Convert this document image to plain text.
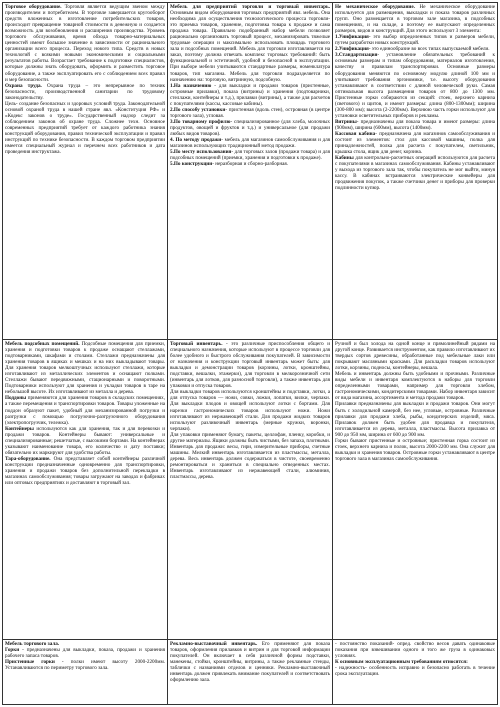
Торговое оборудование. Торговля является ведущим звеном между производителем и потребителем. В торговле завершается кругооборот средств вложенных в изготовление потребительских товаров, происходит превращение товарной стоимости в денежную и создается возможность для возобновления и расширения производства. Уровень торгового обслуживания, время обхода товарно-материальных ценностей имеют большое значение в зависимости от рационального организации всего процесса. Переход нового типа. Средств в новых технологий с всякими новыми экономическими и социальными результатов работы. Возрастает требование к подготовке специалистов, которые должны знать оборудовать, оформить и разместить торговое оборудование, а также эксплуатировать его с соблюдением всех правил и мер безопасности.

Охрана труда. Охрана труда – это непрерывное по техник безопасности, производственной санитарии по трудовому законодательству.

Цель- создание безопасных и здоровых условий труда. Законодательной основой охраной труда в нашей стране явл. «Конституция РФ» и «Кодекс законов о труде». Государственный надзор следит за соблюдением законов об охране труда. Сложнее техн. Основное современных предприятий требует от каждого работника знания конструкций оборудования, правил технической эксплуатации и правил инструкций по технике безопасности. В каждом торговом предприятии имеется специальный журнал и перечнем всех работников и дата проведения инструктажа.

Мебель для предприятий торговли и торговый инвентарь. Основным видом оборудования торговых предприятий явл. мебель. Она необходима для осуществления технологического процесса торговли- это приемка товаров, хранение, подготовка товара к продаже и сама продажа товара. Правильно подобранный набор мебели позволяет рационально организовать торговый процесс, механизировать тяжелые трудовые операции и максимально использовать площадь торгового зала и подсобных помещений. Мебель для торговли изготавливается на заказ, поэтому должна отвечать комплекс торговых требований: быть функциональной и эстетичной, удобной и безопасной в эксплуатации. При выборе мебели учитываются стандартные размеры, номенклатура товаров, тип магазина. Мебель для торговли подразделяется по назначению на: торговую, витринную, подсобную.

1.На назначению - для выкладки и продажи товаров (пристенные, островные прилавки), показа (витрины) и хранения (подтоварники, стеллажи, контейнеры и т.д.), прилавки (витрины), а также для расчетов с покупателями (кассы, кассовые кабины).

2.По способу установки- пристенная (вдоль стен), островная (в центре торгового зала), угловая.

3.По товарному профилю- специализированное (для хлеба, молочных продуктов, овощей и фруктов и т.д.) и универсальное (для продажи любых видов товаров).

4. По методу продажи- мебель для магазинов самообслуживания и для магазинов использующих традиционный метод продажи.

5.По месту использования- для торговых залов (продажи товара) и для подсобных помещений (приемки, хранения и подготовки к продаже).

5.По конструкции- неразборная и сборно-разборная.

Не механическое оборудование. Не механическое оборудование используется для размещения, выкладки и показа товаров различных групп. Оно размещается в торговом зале магазина, в подсобных помещениях, и на складе, а поэтому ее выпускают определенных размеров, видов и конструкций. Для этого используют 3 элемента:

1.Унификация- это выбор определенных типов и размеров мебели, путем разработки новых конструкций.

2.Унификация- это единообразие во всех типах выпускаемой мебели.

3.Стандартизация- установление обязательных требований к основным размерам и типам оборудования, материалов изготовления, качеству и правилам транспортировки. Основные размеры оборудования меняются по основному модулю длиной 100 мм и учитывают требования эргономики, т.е. высоту оборудования устанавливают в соответствии с длиной человеческой руки. Самая оптимальная высота размещения товаров от 800 до 1300 мм. Пристенные горки собираются из секций: стоек, верхнего карниза (светового) и щитов, и имеют размеры: длина (800-1300мм); ширина (300-800 мм); высота (2-2200мм). Верхнюю часть горки используют для установки осветительных приборов и рекламы.

Витрины- предназначены для показа товара и имеют размеры: длина (900мм), ширина (600мм), высота (1400мм).

Кассовая кабина- предназначена для магазинов самообслуживания и состоит из элементов: стол для кассовой машины, полка для принадлежностей, полка для расчета с покупателем, светильник, крышка стола, ящик для денег, корзина.

Кабины для контрольно-расчетных операций используются для расчета с покупателями в магазинах самообслуживания. Кабины устанавливают у выхода из торгового зала так, чтобы покупатель не мог выйти, минуя кассу. В кабинах встраиваются электрические конвейеры для продвижения покупок, а также счетчики денег и приборы для проверки подлинности купюр.

Мебель подсобных помещений. Подсобные помещения для приемки, хранения и подготовки товаров к продаже оснащают стеллажами, подтоварниками, шкафами и столами. Стеллажи предназначены для хранения товаров в ящиках и мешках и на них выкладывают товары. Для хранения товаров мелкоштучных используют стеллажи, которые изготавливают из металлических элементов и оснащают полками. Стеллажи бывают передвижными, стационарными и поворотными. Подтоварники используют для хранения и укладки товаров в таре на небольшой высоте. Их изготавливают из металла и дерева.

Поддоны применяются для хранения товаров в складских помещениях, а также перемещения и транспортировки товаров. Товары уложенные на поддон образуют пакет, удобный для механизированной погрузки и разгрузки с помощью погрузочно-разгрузочного оборудования (электропогрузчик, тележка).

Контейнеры используются как для хранения, так и для перевозки и продажи товаров. Контейнеры бывают: универсальные и специализированные; решетчатые, с высокими бортами. На контейнерах указывают наименование товара, его количество и дату поставки; обязательно их маркируют для удобства работы.

Тара-оборудование. Она представляет собой контейнеры различной конструкции предназначенные одновременно для транспортировки, хранения и продажи товаров без дополнительной перекладки в магазинах самообслуживания; товары загружают на заводах и фабриках или оптовых предприятиях и доставляют в торговый зал.

Торговый инвентарь. - это различные приспособления общего и специального назначения, которые используют в процессе торговли для более удобного и быстрого обслуживания покупателей. В зависимости от назначения и конструкции торговый инвентарь может быть: для выкладки и демонстрации товаров (корзины, лотки, кронштейны, подставки, вешалки, этажерки), для торговли в мелкорозничной сети (инвентарь для лотков, для разносной торговли), а также инвентарь для упаковки и отпуска товаров.

Для выкладки товаров используются кронштейны и подставки, лотки, а для отпуска товаров — ножи, совки, ложки, лопатки, вилки, черпаки. Для выкладки плодов и овощей используют лотки с бортами. Для нарезки гастрономических товаров используют ножи. Ножи изготавливают из нержавеющей стали. Для продажи жидких товаров используют разливочный инвентарь (мерные кружки, воронки, черпаки).

Для упаковки применяют бумагу, пакеты, целлофан, пленку, коробки, и другие материалы. Ящики должны быть чистыми, без запаха, плотными. Инвентарь для продажи: весы, гири, измерительные приборы, счетные машины. Мелкий инвентарь изготавливается из пластмассы, металла, дерева. Весь инвентарь должен содержаться в чистоте, своевременно ремонтироваться и храниться в специально отведенных местах. Инвентарь изготавливают из нержавеющей стали, алюминия, пластмассы, дерева.

Ручной и был холода на одной конце и прямолинейный рядами на другой конце. Развивается инструментом, как правило изготавливают их твердых сортов древесины, обработанные под мебельные лаки или покрывают масляными красками. Для раскладки товаров используют лотки, корзины, подносы, контейнеры, вешала.

Мебель и инвентарь должны быть удобными и прочными. Различные виды мебели и инвентаря комплектуются в наборы для торговли определенными товарами, например для торговли хлебом, гастрономическими, кондитерскими товарами. Набор инвентаря зависит от вида магазина, ассортимента и метода продажи товаров.

Прилавки предназначены для выкладки и продажи товаров. Они могут быть с холодильной камерой, без нее, угловые, островные. Различные прилавки для продажи хлеба, рыбы, кондитерских изделий, мяса. Прилавок должен быть удобен для продавца и покупателя, изготавливается из дерева, металла, пластмассы. Высота прилавка от 900 до 950 мм, ширина от 600 до 900 мм.

Горки бывают пристенные и островные; пристенная горка состоит из стоек, верхнего карниза и полок, высота 2000-2200 мм. Она служит для выкладки и хранения товаров. Островные горки устанавливают в центре торгового зала в магазинах самообслуживания.

Мебель торгового зала.

Горки - предназначены для выкладки, показа, продажи и хранения рабочего запаса товаров.

Пристенные горки - полки имеют высоту 2000-2200мм. Устанавливаются по периметру торгового зала.

Рекламно-выставочный инвентарь. Его применяют для показа товаров, оформления прилавков и витрин и для торговой информации покупателей. Он включает в себя различной формы подставки, манекены, стойки, кронштейны, витрины, а также рекламные стенды, таблички с названиями отделов и ценники. Рекламно-выставочный инвентарь должен привлекать внимание покупателей и соответствовать оформлению зала.

- постоянство показаний- опред. свойство весов давать одинаковые показания при взвешивании одного и того же груза в одинаковых условиях.

К основным эксплуатационным требованиям относятся:

- надежность- особенность исправно и безопасно работать в течение срока эксплуатации.
